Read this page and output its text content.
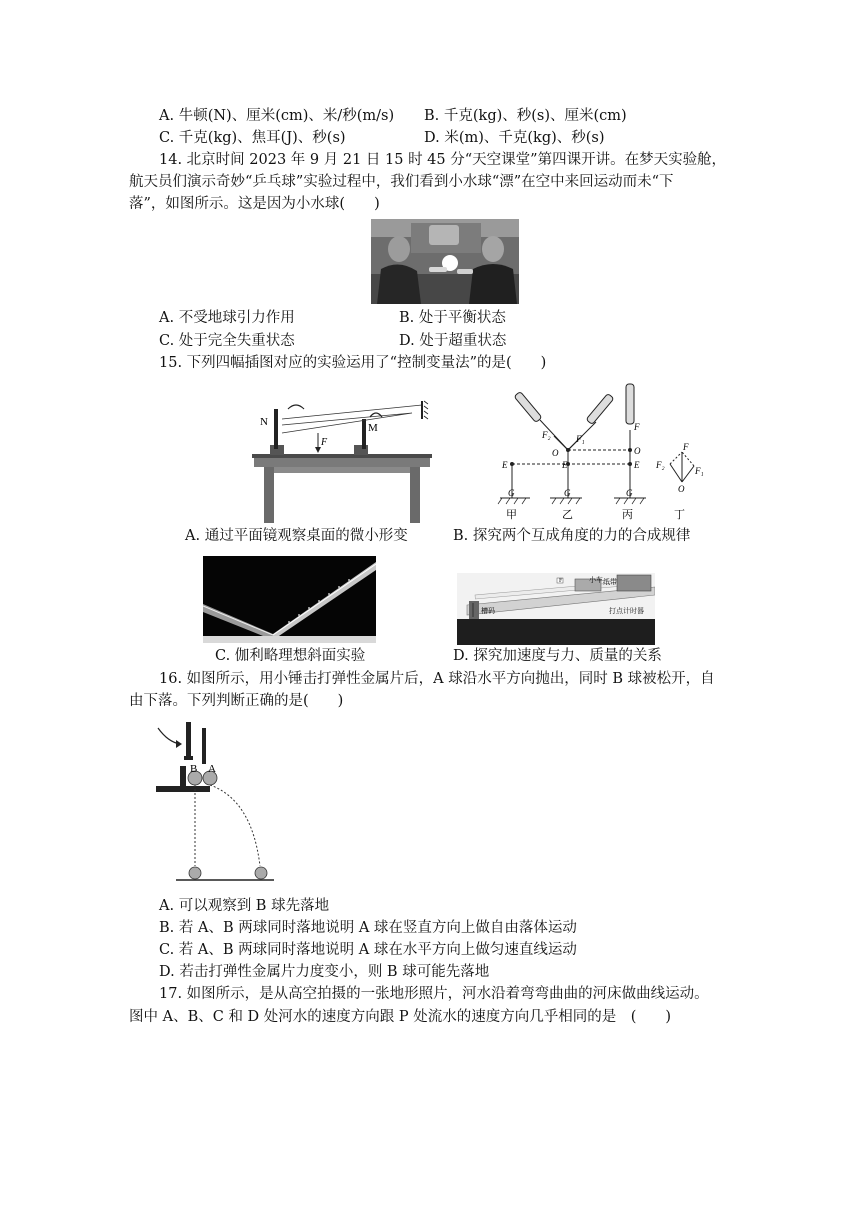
A. 牛顿(N)、厘米(cm)、米/秒(m/s) B. 千克(kg)、秒(s)、厘米(cm)
C. 千克(kg)、焦耳(J)、秒(s)	D. 米(m)、千克(kg)、秒(s)
14. 北京时间 2023 年 9 月 21 日 15 时 45 分“天空课堂”第四课开讲。在梦天实验舱，
航天员们演示奇妙“乒乓球”实验过程中，我们看到小水球“漂”在空中来回运动而未“下
落”，如图所示。这是因为小水球(　　)
A. 不受地球引力作用	B. 处于平衡状态
C. 处于完全失重状态	D. 处于超重状态
15. 下列四幅插图对应的实验运用了“控制变量法”的是(　　)
N	M
F
F₂	F₁
O	O
F
E	E	E
G	G	G
F
F₂
F₁
O
甲	乙	丙	丁
A. 通过平面镜观察桌面的微小形变	B. 探究两个互成角度的力的合成规律
F	小车 纸带
槽码	打点计时器
C. 伽利略理想斜面实验	D. 探究加速度与力、质量的关系
16. 如图所示，用小锤击打弹性金属片后，A 球沿水平方向抛出，同时 B 球被松开，自
由下落。下列判断正确的是(　　)
B A
A. 可以观察到 B 球先落地
B. 若 A、B 两球同时落地说明 A 球在竖直方向上做自由落体运动
C. 若 A、B 两球同时落地说明 A 球在水平方向上做匀速直线运动
D. 若击打弹性金属片力度变小，则 B 球可能先落地
17. 如图所示，是从高空拍摄的一张地形照片，河水沿着弯弯曲曲的河床做曲线运动。
图中 A、B、C 和 D 处河水的速度方向跟 P 处流水的速度方向几乎相同的是　(　　)
